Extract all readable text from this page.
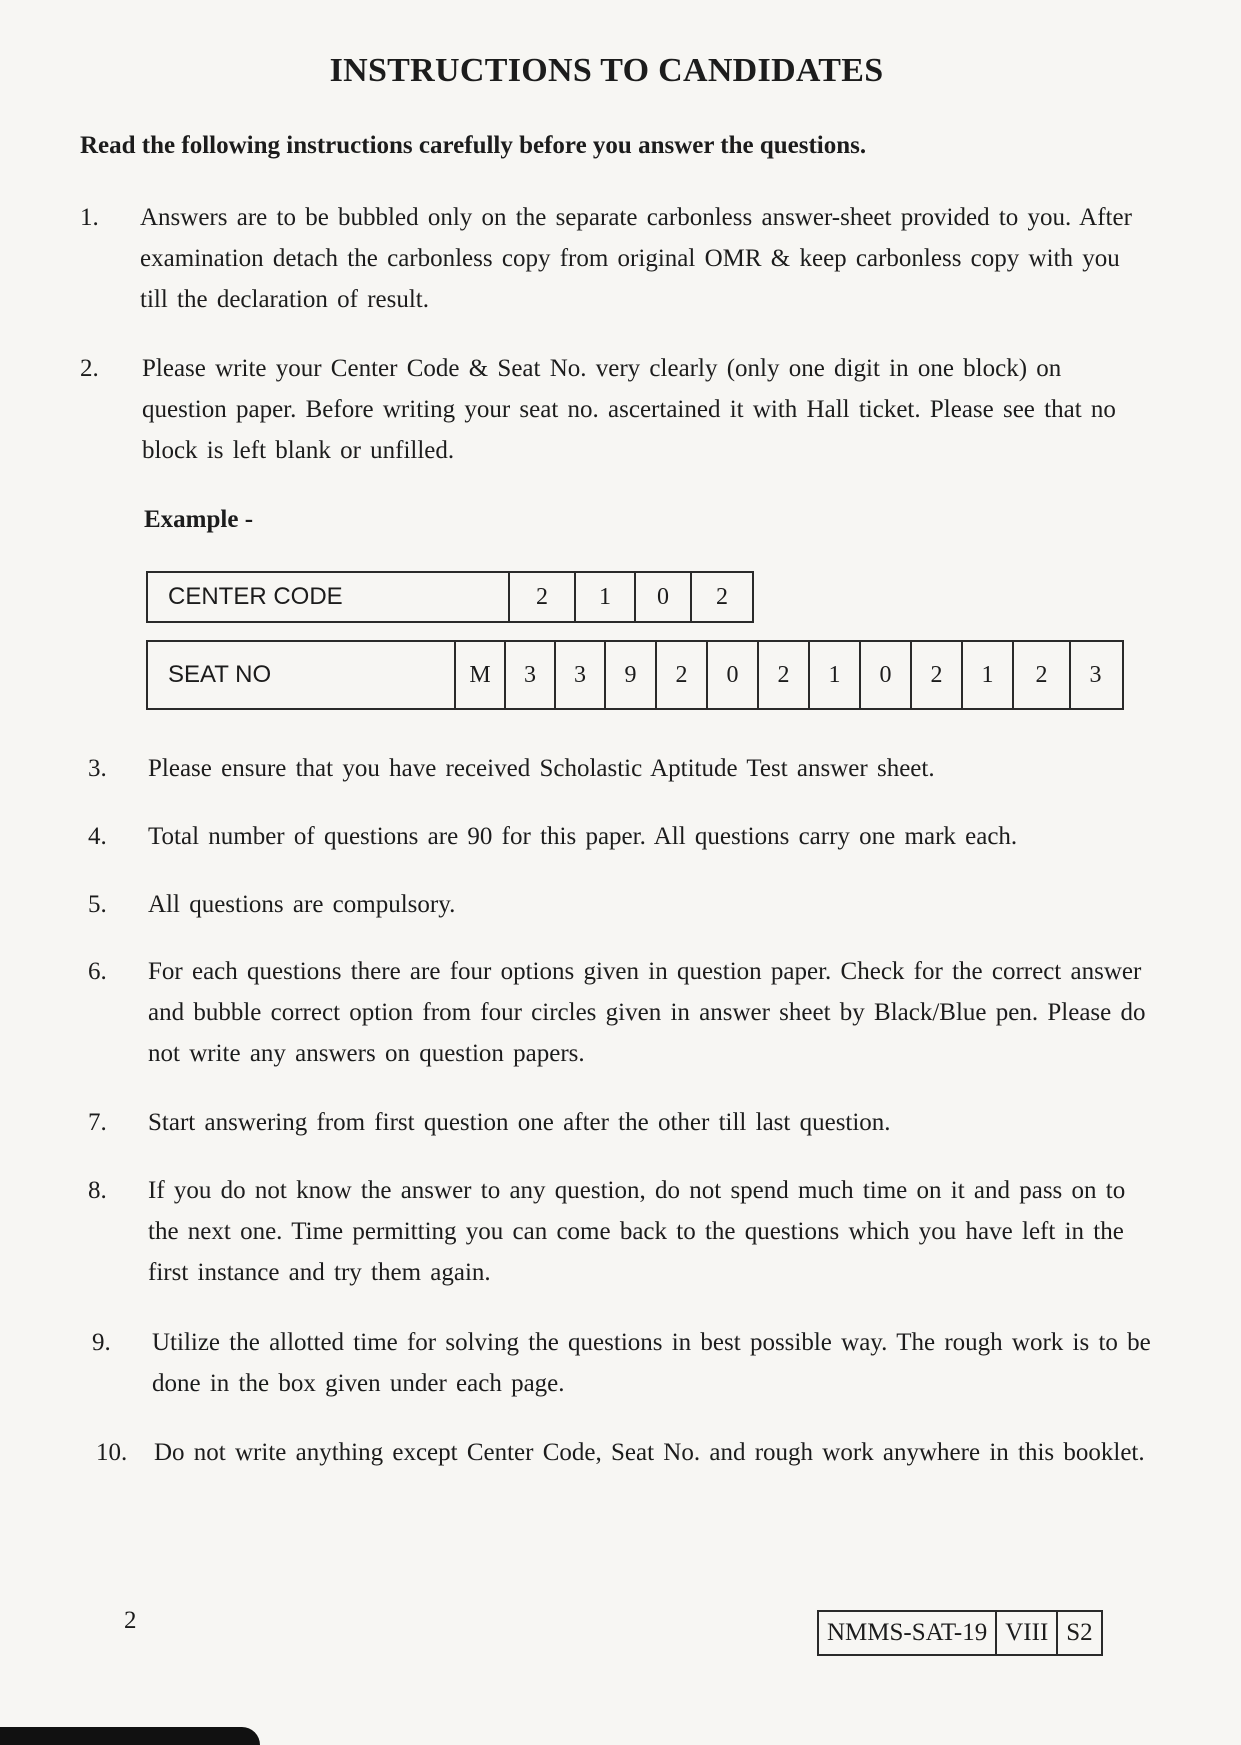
INSTRUCTIONS TO CANDIDATES
Read the following instructions carefully before you answer the questions.
1. Answers are to be bubbled only on the separate carbonless answer-sheet provided to you. After examination detach the carbonless copy from original OMR & keep carbonless copy with you till the declaration of result.
2. Please write your Center Code & Seat No. very clearly (only one digit in one block) on question paper. Before writing your seat no. ascertained it with Hall ticket. Please see that no block is left blank or unfilled.
Example -
CENTER CODE	2	1	0	2
SEAT NO	M	3	3	9	2	0	2	1	0	2	1	2	3
3. Please ensure that you have received Scholastic Aptitude Test answer sheet.
4. Total number of questions are 90 for this paper. All questions carry one mark each.
5. All questions are compulsory.
6. For each questions there are four options given in question paper. Check for the correct answer and bubble correct option from four circles given in answer sheet by Black/Blue pen. Please do not write any answers on question papers.
7. Start answering from first question one after the other till last question.
8. If you do not know the answer to any question, do not spend much time on it and pass on to the next one. Time permitting you can come back to the questions which you have left in the first instance and try them again.
9. Utilize the allotted time for solving the questions in best possible way. The rough work is to be done in the box given under each page.
10. Do not write anything except Center Code, Seat No. and rough work anywhere in this booklet.
2	NMMS-SAT-19 VIII S2
